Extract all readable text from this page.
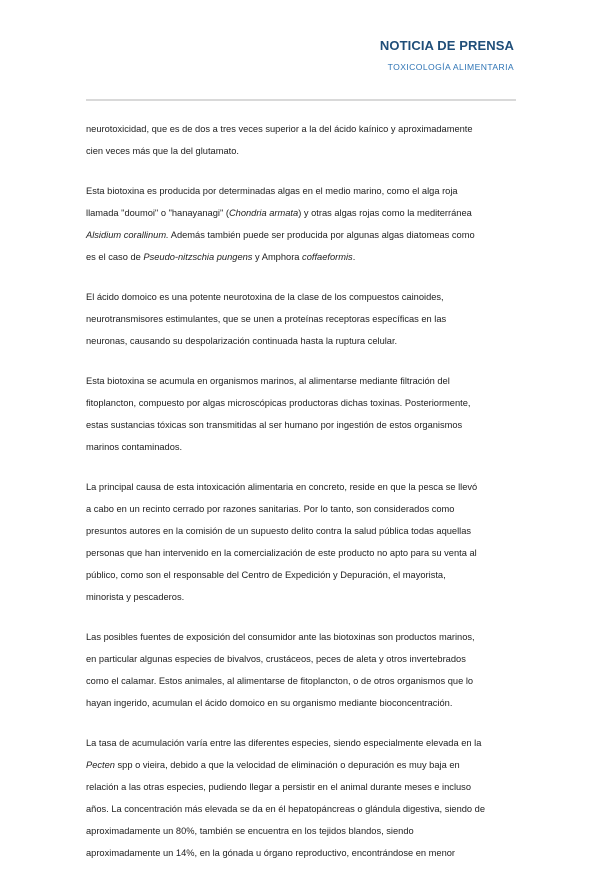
NOTICIA DE PRENSA
TOXICOLOGÍA ALIMENTARIA
neurotoxicidad, que es de dos a tres veces superior a la del ácido kaínico y aproximadamente
cien veces más que la del glutamato.
Esta biotoxina es producida por determinadas algas en el medio marino, como el alga roja
llamada "doumoi" o "hanayanagi" (Chondria armata) y otras algas rojas como la mediterránea
Alsidium corallinum. Además también puede ser producida por algunas algas diatomeas como
es el caso de Pseudo-nitzschia pungens y Amphora coffaeformis.
El ácido domoico es una potente neurotoxina de la clase de los compuestos cainoides,
neurotransmisores estimulantes, que se unen a proteínas receptoras específicas en las
neuronas, causando su despolarización continuada hasta la ruptura celular.
Esta biotoxina se acumula en organismos marinos, al alimentarse mediante filtración del
fitoplancton, compuesto por algas microscópicas productoras dichas toxinas. Posteriormente,
estas sustancias tóxicas son transmitidas al ser humano por ingestión de estos organismos
marinos contaminados.
La principal causa de esta intoxicación alimentaria en concreto, reside en que la pesca se llevó
a cabo en un recinto cerrado por razones sanitarias. Por lo tanto, son considerados como
presuntos autores en la comisión de un supuesto delito contra la salud pública todas aquellas
personas que han intervenido en la comercialización de este producto no apto para su venta al
público, como son el responsable del Centro de Expedición y Depuración, el mayorista,
minorista y pescaderos.
Las posibles fuentes de exposición del consumidor ante las biotoxinas son productos marinos,
en particular algunas especies de bivalvos, crustáceos, peces de aleta y otros invertebrados
como el calamar. Estos animales, al alimentarse de fitoplancton, o de otros organismos que lo
hayan ingerido, acumulan el ácido domoico en su organismo mediante bioconcentración.
La tasa de acumulación varía entre las diferentes especies, siendo especialmente elevada en la
Pecten spp o vieira, debido a que la velocidad de eliminación o depuración es muy baja en
relación a las otras especies, pudiendo llegar a persistir en el animal durante meses e incluso
años. La concentración más elevada se da en él hepatopáncreas o glándula digestiva, siendo de
aproximadamente un 80%, también se encuentra en los tejidos blandos, siendo
aproximadamente un 14%, en la gónada u órgano reproductivo, encontrándose en menor
